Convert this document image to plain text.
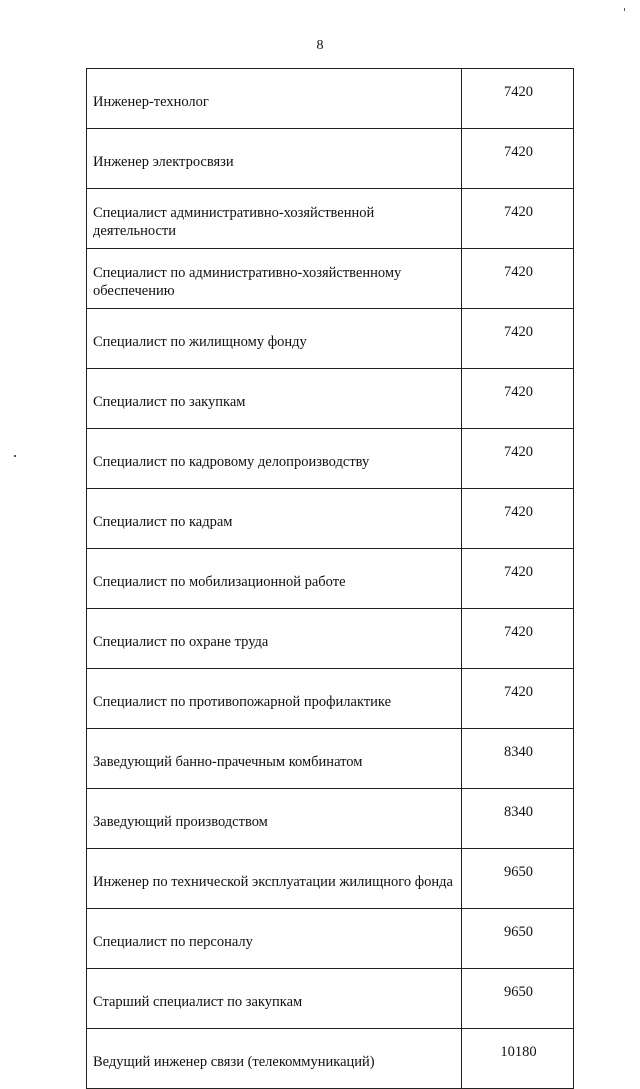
8
Инженер-технолог	7420
Инженер электросвязи	7420
Специалист административно-хозяйственной деятельности	7420
Специалист по административно-хозяйственному обеспечению	7420
Специалист по жилищному фонду	7420
Специалист по закупкам	7420
Специалист по кадровому делопроизводству	7420
Специалист по кадрам	7420
Специалист по мобилизационной работе	7420
Специалист по охране труда	7420
Специалист по противопожарной профилактике	7420
Заведующий банно-прачечным комбинатом	8340
Заведующий производством	8340
Инженер по технической эксплуатации жилищного фонда	9650
Специалист по персоналу	9650
Старший специалист по закупкам	9650
Ведущий инженер связи (телекоммуникаций)	10180
